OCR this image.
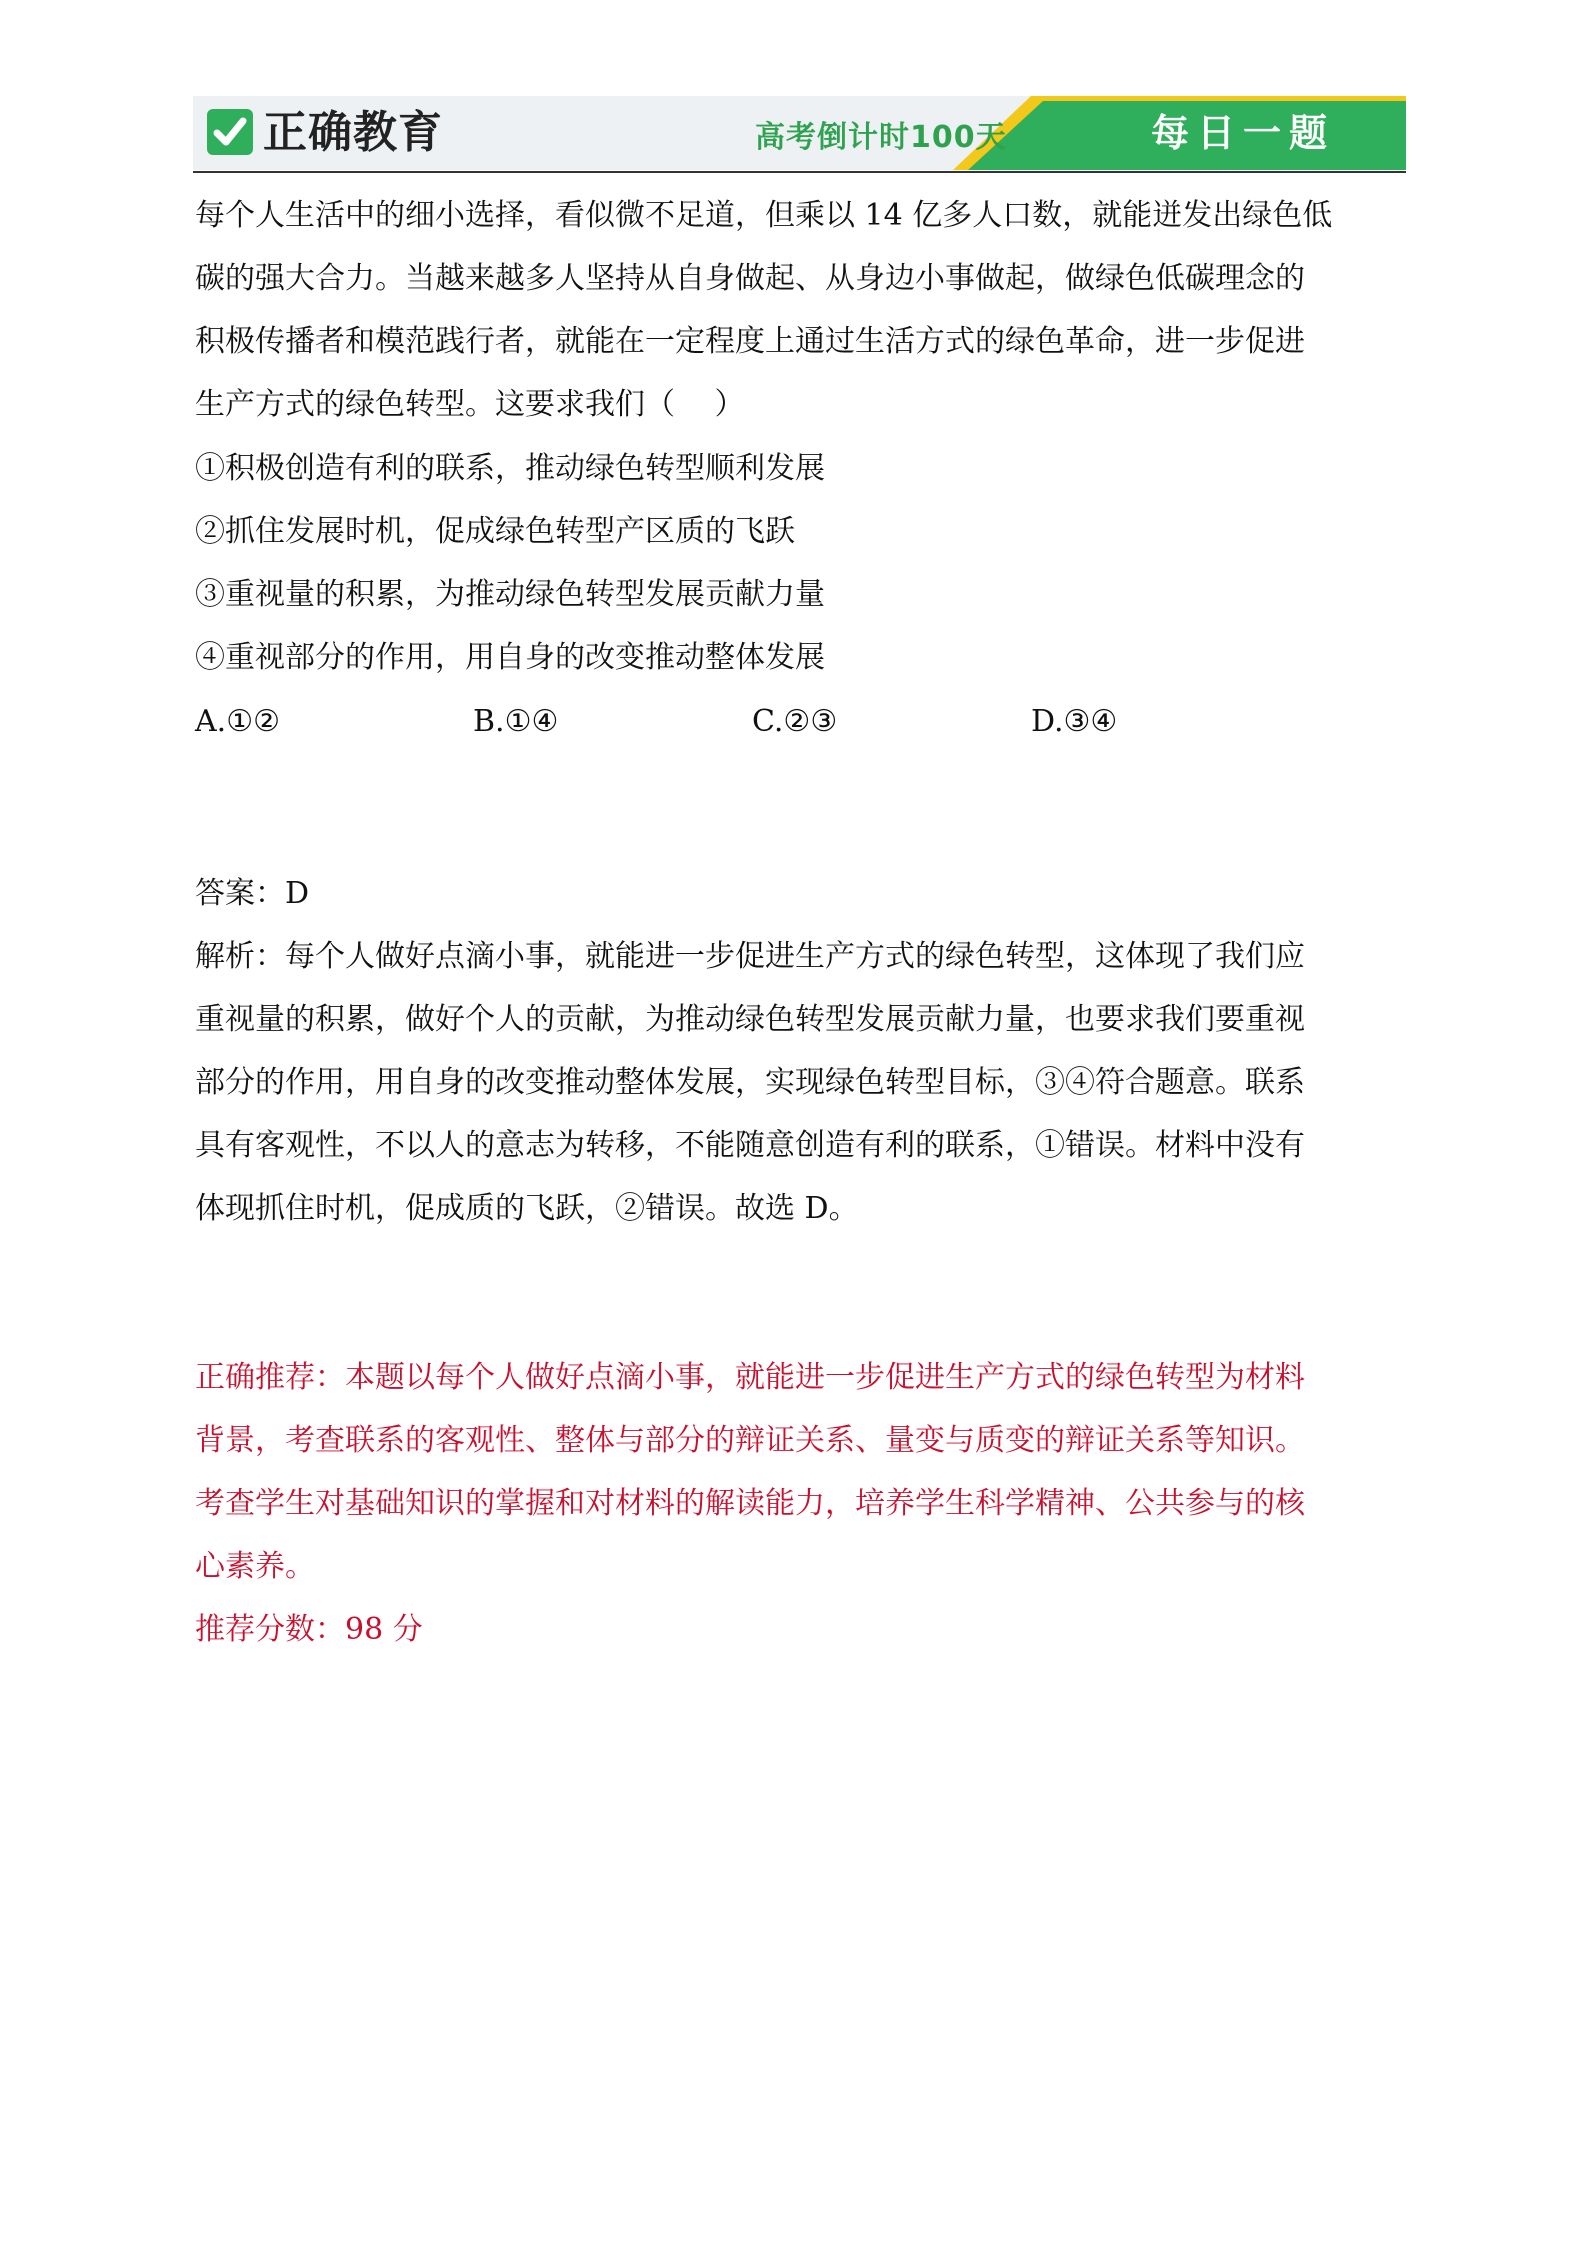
正确教育	高考倒计时100天	每日一题

每个人生活中的细小选择，看似微不足道，但乘以 14 亿多人口数，就能迸发出绿色低

碳的强大合力。当越来越多人坚持从自身做起、从身边小事做起，做绿色低碳理念的

积极传播者和模范践行者，就能在一定程度上通过生活方式的绿色革命，进一步促进

生产方式的绿色转型。这要求我们（　 ）

①积极创造有利的联系，推动绿色转型顺利发展

②抓住发展时机，促成绿色转型产区质的飞跃

③重视量的积累，为推动绿色转型发展贡献力量

④重视部分的作用，用自身的改变推动整体发展

A.①②	B.①④	C.②③	D.③④

答案：D

解析：每个人做好点滴小事，就能进一步促进生产方式的绿色转型，这体现了我们应

重视量的积累，做好个人的贡献，为推动绿色转型发展贡献力量，也要求我们要重视

部分的作用，用自身的改变推动整体发展，实现绿色转型目标，③④符合题意。联系

具有客观性，不以人的意志为转移，不能随意创造有利的联系，①错误。材料中没有

体现抓住时机，促成质的飞跃，②错误。故选 D。

正确推荐：本题以每个人做好点滴小事，就能进一步促进生产方式的绿色转型为材料

背景，考查联系的客观性、整体与部分的辩证关系、量变与质变的辩证关系等知识。

考查学生对基础知识的掌握和对材料的解读能力，培养学生科学精神、公共参与的核

心素养。

推荐分数：98 分
